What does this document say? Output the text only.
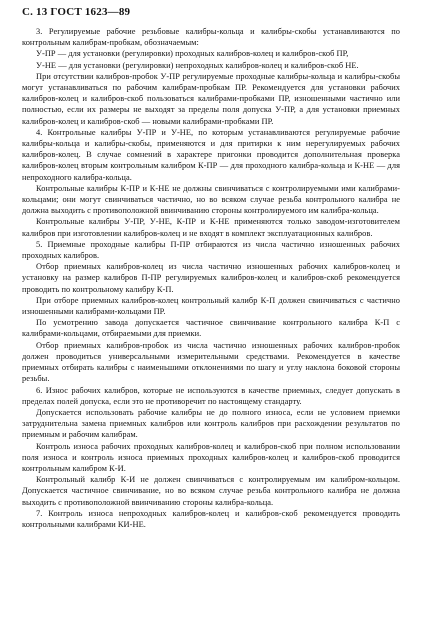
С. 13 ГОСТ 1623—89

3. Регулируемые рабочие резьбовые калибры-кольца и калибры-скобы устанавливаются по контрольным калибрам-пробкам, обозначаемым:

У-ПР — для установки (регулировки) проходных калибров-колец и калибров-скоб ПР,

У-НЕ — для установки (регулировки) непроходных калибров-колец и калибров-скоб НЕ.

При отсутствии калибров-пробок У-ПР регулируемые проходные калибры-кольца и калибры-скобы могут устанавливаться по рабочим калибрам-пробкам ПР. Рекомендуется для установки рабочих калибров-колец и калибров-скоб пользоваться калибрами-пробками ПР, изношенными частично или полностью, если их размеры не выходят за пределы поля допуска У-ПР, а для установки приемных калибров-колец и калибров-скоб — новыми калибрами-пробками ПР.

4. Контрольные калибры У-ПР и У-НЕ, по которым устанавливаются регулируемые рабочие калибры-кольца и калибры-скобы, применяются и для притирки к ним нерегулируемых рабочих калибров-колец. В случае сомнений в характере пригонки проводится дополнительная проверка калибров-колец вторым контрольным калибром К-ПР — для проходного калибра-кольца и К-НЕ — для непроходного калибра-кольца.

Контрольные калибры К-ПР и К-НЕ не должны свинчиваться с контролируемыми ими калибрами-кольцами; они могут свинчиваться частично, но во всяком случае резьба контрольного калибра не должна выходить с противоположной ввинчиванию стороны контролируемого им калибра-кольца.

Контрольные калибры У-ПР, У-НЕ, К-ПР и К-НЕ применяются только заводом-изготовителем калибров при изготовлении калибров-колец и не входят в комплект эксплуатационных калибров.

5. Приемные проходные калибры П-ПР отбираются из числа частично изношенных рабочих проходных калибров.

Отбор приемных калибров-колец из числа частично изношенных рабочих калибров-колец и установку на размер калибров П-ПР регулируемых калибров-колец и калибров-скоб рекомендуется проводить по контрольному калибру К-П.

При отборе приемных калибров-колец контрольный калибр К-П должен свинчиваться с частично изношенными калибрами-кольцами ПР.

По усмотрению завода допускается частичное свинчивание контрольного калибра К-П с калибрами-кольцами, отбираемыми для приемки.

Отбор приемных калибров-пробок из числа частично изношенных рабочих калибров-пробок должен проводиться универсальными измерительными средствами. Рекомендуется в качестве приемных отбирать калибры с наименьшими отклонениями по шагу и углу наклона боковой стороны резьбы.

6. Износ рабочих калибров, которые не используются в качестве приемных, следует допускать в пределах полей допуска, если это не противоречит по настоящему стандарту.

Допускается использовать рабочие калибры не до полного износа, если не условием приемки затруднительна замена приемных калибров или контроль калибров при расхождении результатов по приемным и рабочим калибрам.

Контроль износа рабочих проходных калибров-колец и калибров-скоб при полном использовании поля износа и контроль износа приемных проходных калибров-колец и калибров-скоб проводится контрольным калибром К-И.

Контрольный калибр К-И не должен свинчиваться с контролируемым им калибром-кольцом. Допускается частичное свинчивание, но во всяком случае резьба контрольного калибра не должна выходить с противоположной ввинчиванию стороны калибра-кольца.

7. Контроль износа непроходных калибров-колец и калибров-скоб рекомендуется проводить контрольными калибрами КИ-НЕ.
